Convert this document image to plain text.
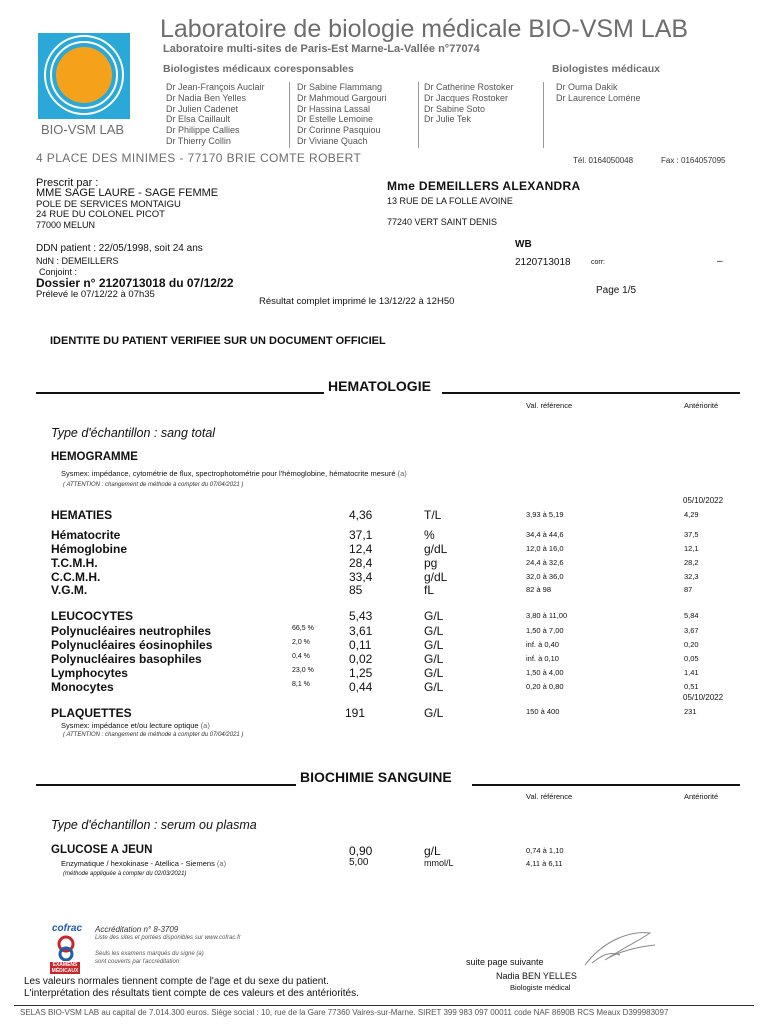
BIO-VSM LAB
Laboratoire de biologie médicale BIO-VSM LAB
Laboratoire multi-sites de Paris-Est Marne-La-Vallée n°77074
Biologistes médicaux coresponsables	Biologistes médicaux
Dr Jean-François Auclair
Dr Nadia Ben Yelles
Dr Julien Cadenet
Dr Elsa Caillault
Dr Philippe Callies
Dr Thierry Collin
Dr Sabine Flammang
Dr Mahmoud Gargouri
Dr Hassina Lassal
Dr Estelle Lemoine
Dr Corinne Pasquiou
Dr Viviane Quach
Dr Catherine Rostoker
Dr Jacques Rostoker
Dr Sabine Soto
Dr Julie Tek
Dr Ouma Dakik
Dr Laurence Loméne
4 PLACE DES MINIMES - 77170 BRIE COMTE ROBERT	Tél. 0164050048	Fax : 0164057095
Prescrit par :
MME SAGE LAURE - SAGE FEMME
POLE DE SERVICES MONTAIGU
24 RUE DU COLONEL PICOT
77000 MELUN
Mme DEMEILLERS ALEXANDRA
13 RUE DE LA FOLLE AVOINE
77240 VERT SAINT DENIS
DDN patient : 22/05/1998, soit 24 ans
NdN : DEMEILLERS
Conjoint :
Dossier n° 2120713018 du 07/12/22
Prélevé le 07/12/22 à 07h35
Résultat complet imprimé le 13/12/22 à 12H50
WB
2120713018	corr:	–
Page 1/5
IDENTITE DU PATIENT VERIFIEE SUR UN DOCUMENT OFFICIEL
HEMATOLOGIE
Val. référence	Antériorité
Type d'échantillon : sang total
HEMOGRAMME
Sysmex: impédance, cytométrie de flux, spectrophotométrie pour l'hémoglobine, hématocrite mesuré (a)
( ATTENTION : changement de méthode à compter du 07/04/2021 )
05/10/2022
HEMATIES	4,36	T/L	3,93 à 5,19	4,29
Hématocrite	37,1	%	34,4 à 44,6	37,5
Hémoglobine	12,4	g/dL	12,0 à 16,0	12,1
T.C.M.H.	28,4	pg	24,4 à 32,6	28,2
C.C.M.H.	33,4	g/dL	32,0 à 36,0	32,3
V.G.M.	85	fL	82 à 98	87
LEUCOCYTES	5,43	G/L	3,80 à 11,00	5,84
Polynucléaires neutrophiles	66,5 %	3,61	G/L	1,50 à 7,00	3,67
Polynucléaires éosinophiles	2,0 %	0,11	G/L	inf. à 0,40	0,20
Polynucléaires basophiles	0,4 %	0,02	G/L	inf. à 0,10	0,05
Lymphocytes	23,0 %	1,25	G/L	1,50 à 4,00	1,41
Monocytes	8,1 %	0,44	G/L	0,20 à 0,80	0,51
05/10/2022
PLAQUETTES	191	G/L	150 à 400	231
Sysmex: impédance et/ou lecture optique (a)
( ATTENTION : changement de méthode à compter du 07/04/2021 )
BIOCHIMIE SANGUINE
Val. référence	Antériorité
Type d'échantillon : serum ou plasma
GLUCOSE A JEUN	0,90	g/L	0,74 à 1,10
Enzymatique / hexokinase - Atellica - Siemens (a)	5,00	mmol/L	4,11 à 6,11
(méthode appliquée à compter du 02/03/2021)
cofrac
EXAMENS MÉDICAUX
Accréditation n° 8-3709
Liste des sites et portées disponibles sur www.cofrac.fr
Seuls les examens marqués du signe (a)
sont couverts par l'accréditation	suite page suivante
Nadia BEN YELLES
Biologiste médical
Les valeurs normales tiennent compte de l'age et du sexe du patient.
L'interprétation des résultats tient compte de ces valeurs et des antériorités.
SELAS BIO-VSM LAB au capital de 7.014.300 euros. Siège social : 10, rue de la Gare 77360 Vaires-sur-Marne. SIRET 399 983 097 00011 code NAF 8690B RCS Meaux D399983097
